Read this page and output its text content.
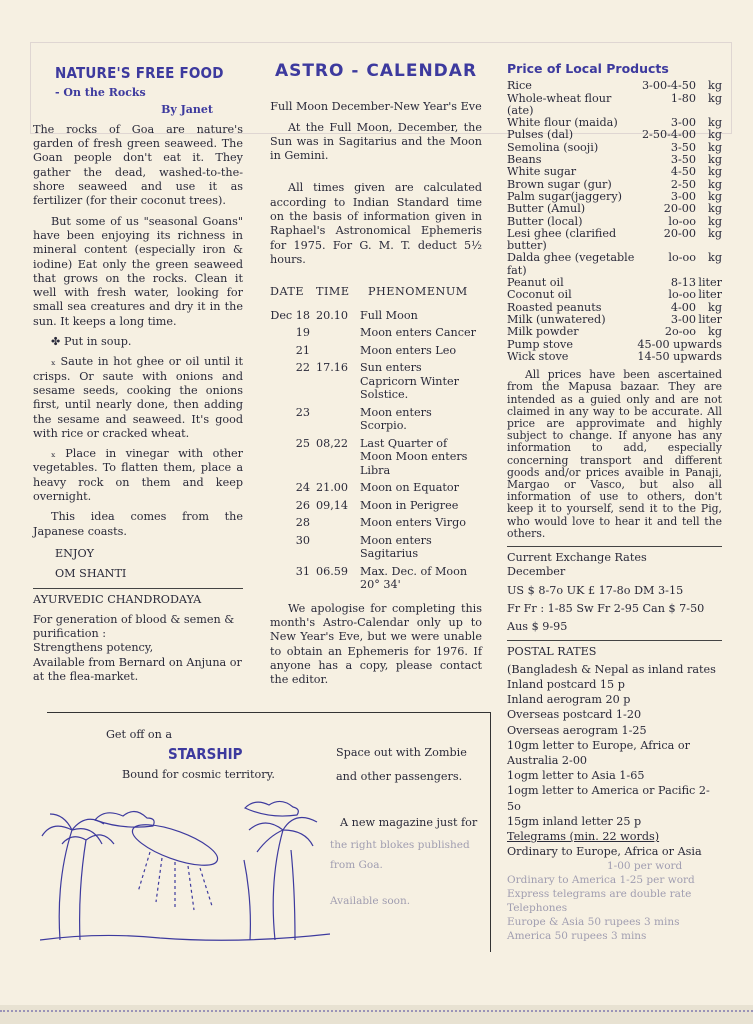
NATURE'S FREE FOOD
- On the Rocks
By Janet

The rocks of Goa are nature's garden of fresh green seaweed. The Goan people don't eat it. They gather the dead, washed-to-the-shore seaweed and use it as fertilizer (for their coconut trees).

But some of us "seasonal Goans" have been enjoying its richness in mineral content (especially iron & iodine) Eat only the green seaweed that grows on the rocks. Clean it well with fresh water, looking for small sea creatures and dry it in the sun. It keeps a long time.

✤ Put in soup.

ₓ Saute in hot ghee or oil until it crisps. Or saute with onions and sesame seeds, cooking the onions first, until nearly done, then adding the sesame and seaweed. It's good with rice or cracked wheat.

ₓ Place in vinegar with other vegetables. To flatten them, place a heavy rock on them and keep overnight.

This idea comes from the Japanese coasts.

ENJOY

OM SHANTI

AYURVEDIC CHANDRODAYA
For generation of blood & semen & purification :
Strengthens potency,
Available from Bernard on Anjuna or at the flea-market.
ASTRO - CALENDAR

Full Moon December-New Year's Eve

At the Full Moon, December, the Sun was in Sagitarius and the Moon in Gemini.

All times given are calculated according to Indian Standard time on the basis of information given in Raphael's Astronomical Ephemeris for 1975. For G. M. T. deduct 5½ hours.

DATE	TIME	PHENOMENUM
Dec 18	20.10	Full Moon
19		Moon enters Cancer
21		Moon enters Leo
22	17.16	Sun enters Capricorn Winter Solstice.
23		Moon enters Scorpio.
25	08,22	Last Quarter of Moon Moon enters Libra
24	21.00	Moon on Equator
26	09,14	Moon in Perigree
28		Moon enters Virgo
30		Moon enters Sagitarius
31	06.59	Max. Dec. of Moon 20° 34'

We apologise for completing this month's Astro-Calendar only up to New Year's Eve, but we were unable to obtain an Ephemeris for 1976. If anyone has a copy, please contact the editor.

Price of Local Products
Rice	3-00-4-50	kg
Whole-wheat flour (ate)	1-80	kg
White flour (maida)	3-00	kg
Pulses (dal)	2-50-4-00	kg
Semolina (sooji)	3-50	kg
Beans	3-50	kg
White sugar	4-50	kg
Brown sugar (gur)	2-50	kg
Palm sugar(jaggery)	3-00	kg
Butter (Amul)	20-00	kg
Butter (local)	lo-oo	kg
Lesi ghee (clarified butter)	20-00	kg
Dalda ghee (vegetable fat)	lo-oo	kg
Peanut oil	8-13	liter
Coconut oil	lo-oo	liter
Roasted peanuts	4-00	kg
Milk (unwatered)	3-00	liter
Milk powder	2o-oo	kg
Pump stove	45-00 upwards	
Wick stove	14-50 upwards	

All prices have been ascertained from the Mapusa bazaar. They are intended as a guied only and are not claimed in any way to be accurate. All price are approvimate and highly subject to change. If anyone has any information to add, especially concerning transport and different goods and/or prices avaible in Panaji, Margao or Vasco, but also all information of use to others, don't keep it to yourself, send it to the Pig, who would love to hear it and tell the others.

Current Exchange Rates
December
US $ 8-7o UK £ 17-8o DM 3-15
Fr Fr : 1-85 Sw Fr 2-95 Can $ 7-50
Aus $ 9-95
POSTAL RATES
(Bangladesh & Nepal as inland rates
Inland postcard 15 p
Inland aerogram 20 p
Overseas postcard 1-20
Overseas aerogram 1-25
10gm letter to Europe, Africa or Australia 2-00
1ogm letter to Asia 1-65
1ogm letter to America or Pacific 2-5o
15gm inland letter 25 p
Telegrams (min. 22 words)
Ordinary to Europe, Africa or Asia
1-00 per word
Ordinary to America 1-25 per word
Express telegrams are double rate
Telephones
Europe & Asia 50 rupees 3 mins
America 50 rupees 3 mins
Get off on a
STARSHIP
Bound for cosmic territory.
Space out with Zombie
and other passengers.
A new magazine just for
the right blokes published
from Goa.
Available soon.
